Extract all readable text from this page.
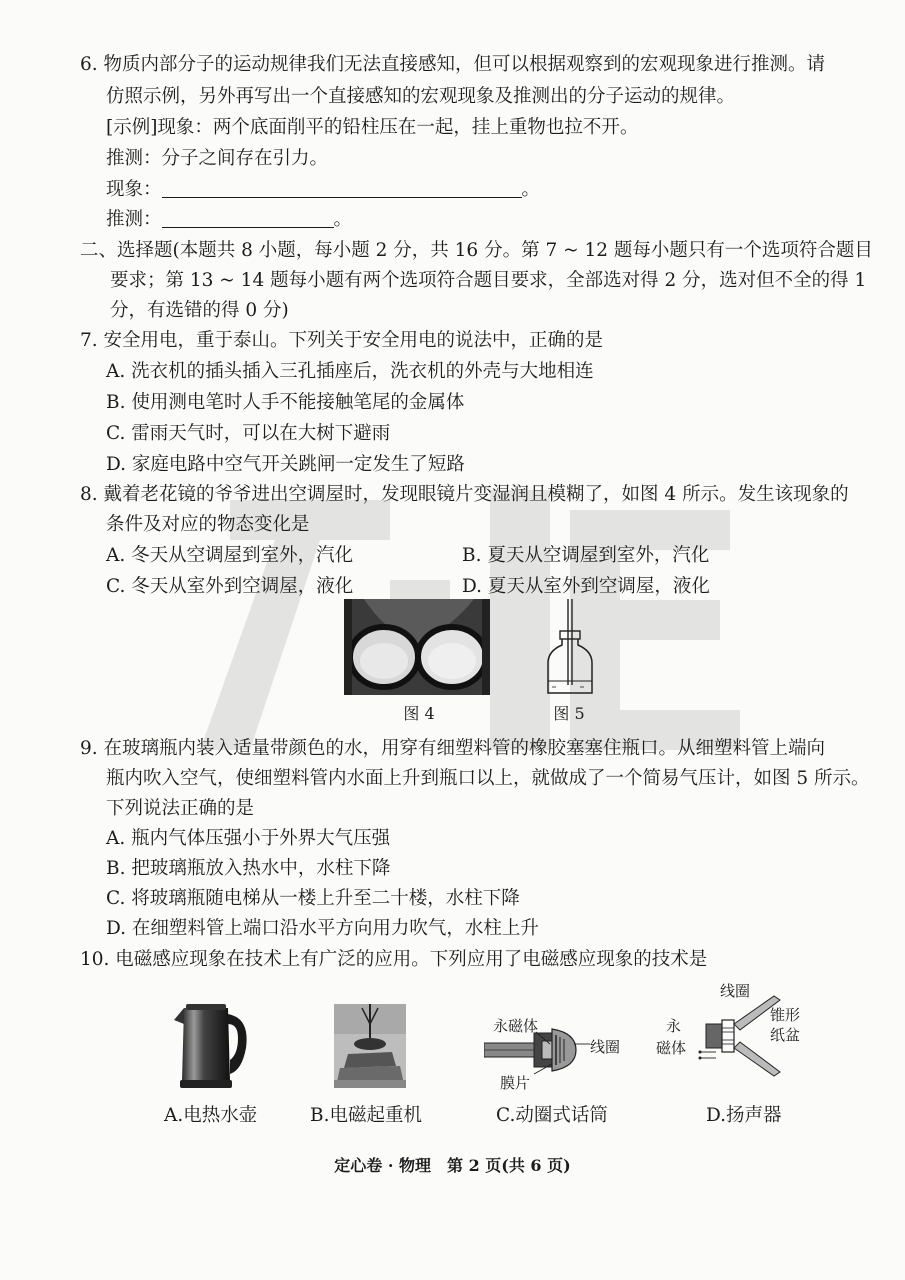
6. 物质内部分子的运动规律我们无法直接感知，但可以根据观察到的宏观现象进行推测。请
仿照示例，另外再写出一个直接感知的宏观现象及推测出的分子运动的规律。
[示例]现象：两个底面削平的铅柱压在一起，挂上重物也拉不开。
推测：分子之间存在引力。
现象：	。
推测：	。
二、选择题(本题共 8 小题，每小题 2 分，共 16 分。第 7 ~ 12 题每小题只有一个选项符合题目
要求；第 13 ~ 14 题每小题有两个选项符合题目要求，全部选对得 2 分，选对但不全的得 1
分，有选错的得 0 分)
7. 安全用电，重于泰山。下列关于安全用电的说法中，正确的是
A. 洗衣机的插头插入三孔插座后，洗衣机的外壳与大地相连
B. 使用测电笔时人手不能接触笔尾的金属体
C. 雷雨天气时，可以在大树下避雨
D. 家庭电路中空气开关跳闸一定发生了短路
8. 戴着老花镜的爷爷进出空调屋时，发现眼镜片变湿润且模糊了，如图 4 所示。发生该现象的
条件及对应的物态变化是
A. 冬天从空调屋到室外，汽化	B. 夏天从空调屋到室外，汽化
C. 冬天从室外到空调屋，液化	D. 夏天从室外到空调屋，液化
图 4	图 5
9. 在玻璃瓶内装入适量带颜色的水，用穿有细塑料管的橡胶塞塞住瓶口。从细塑料管上端向
瓶内吹入空气，使细塑料管内水面上升到瓶口以上，就做成了一个简易气压计，如图 5 所示。
下列说法正确的是
A. 瓶内气体压强小于外界大气压强
B. 把玻璃瓶放入热水中，水柱下降
C. 将玻璃瓶随电梯从一楼上升至二十楼，水柱下降
D. 在细塑料管上端口沿水平方向用力吹气，水柱上升
10. 电磁感应现象在技术上有广泛的应用。下列应用了电磁感应现象的技术是
A.电热水壶	B.电磁起重机
永磁体
线圈
膜片
C.动圈式话筒
线圈
永
磁体
锥形
纸盆
D.扬声器
定心卷 · 物理　第 2 页(共 6 页)
